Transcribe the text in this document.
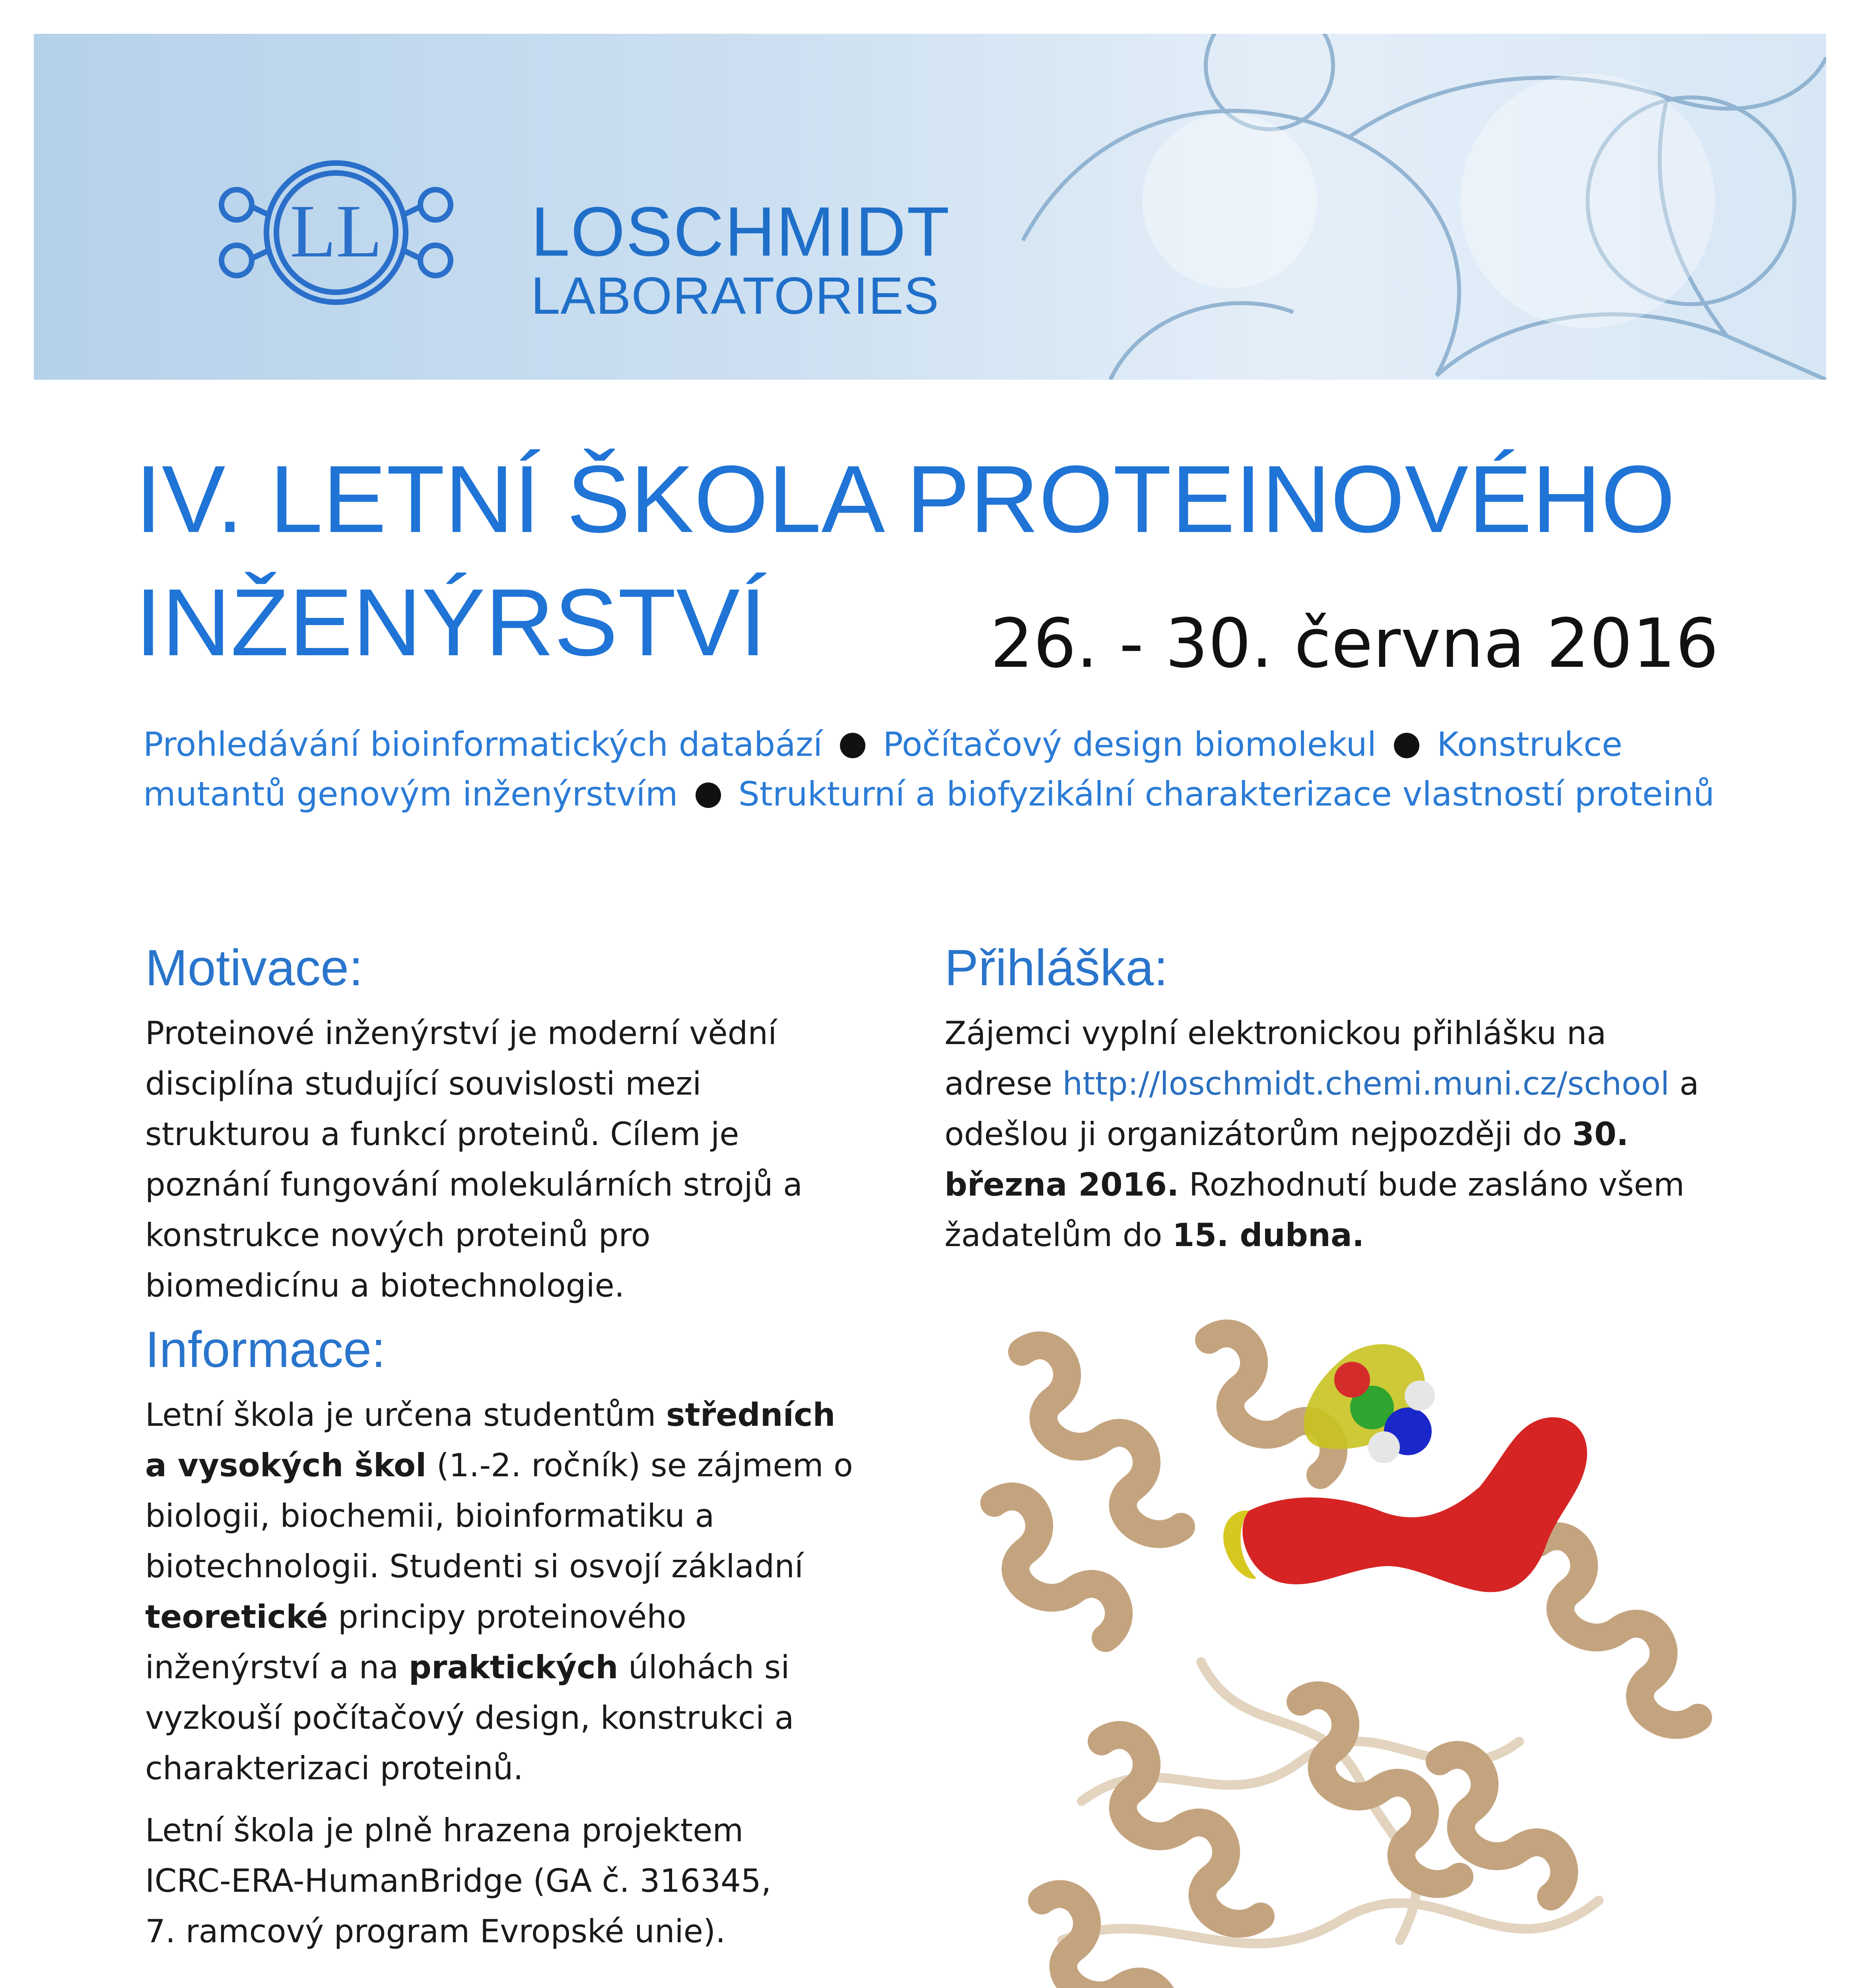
LL LOSCHMIDT
LABORATORIES
IV. LETNÍ ŠKOLA PROTEINOVÉHO
INŽENÝRSTVÍ	26. - 30. června 2016
Prohledávání bioinformatických databází Počítačový design biomolekul Konstrukce mutantů genovým inženýrstvím Strukturní a biofyzikální charakterizace vlastností proteinů
Motivace:

Proteinové inženýrství je moderní vědní disciplína studující souvislosti mezi strukturou a funkcí proteinů. Cílem je poznání fungování molekulárních strojů a konstrukce nových proteinů pro biomedicínu a biotechnologie.

Přihláška:

Zájemci vyplní elektronickou přihlášku na adrese http://loschmidt.chemi.muni.cz/school a odešlou ji organizátorům nejpozději do 30. března 2016. Rozhodnutí bude zasláno všem žadatelům do 15. dubna.

Informace:

Letní škola je určena studentům středních a vysokých škol (1.-2. ročník) se zájmem o biologii, biochemii, bioinformatiku a biotechnologii. Studenti si osvojí základní teoretické principy proteinového inženýrství a na praktických úlohách si vyzkouší počítačový design, konstrukci a charakterizaci proteinů.

Letní škola je plně hrazena projektem
ICRC-ERA-HumanBridge (GA č. 316345,
7. ramcový program Evropské unie).
